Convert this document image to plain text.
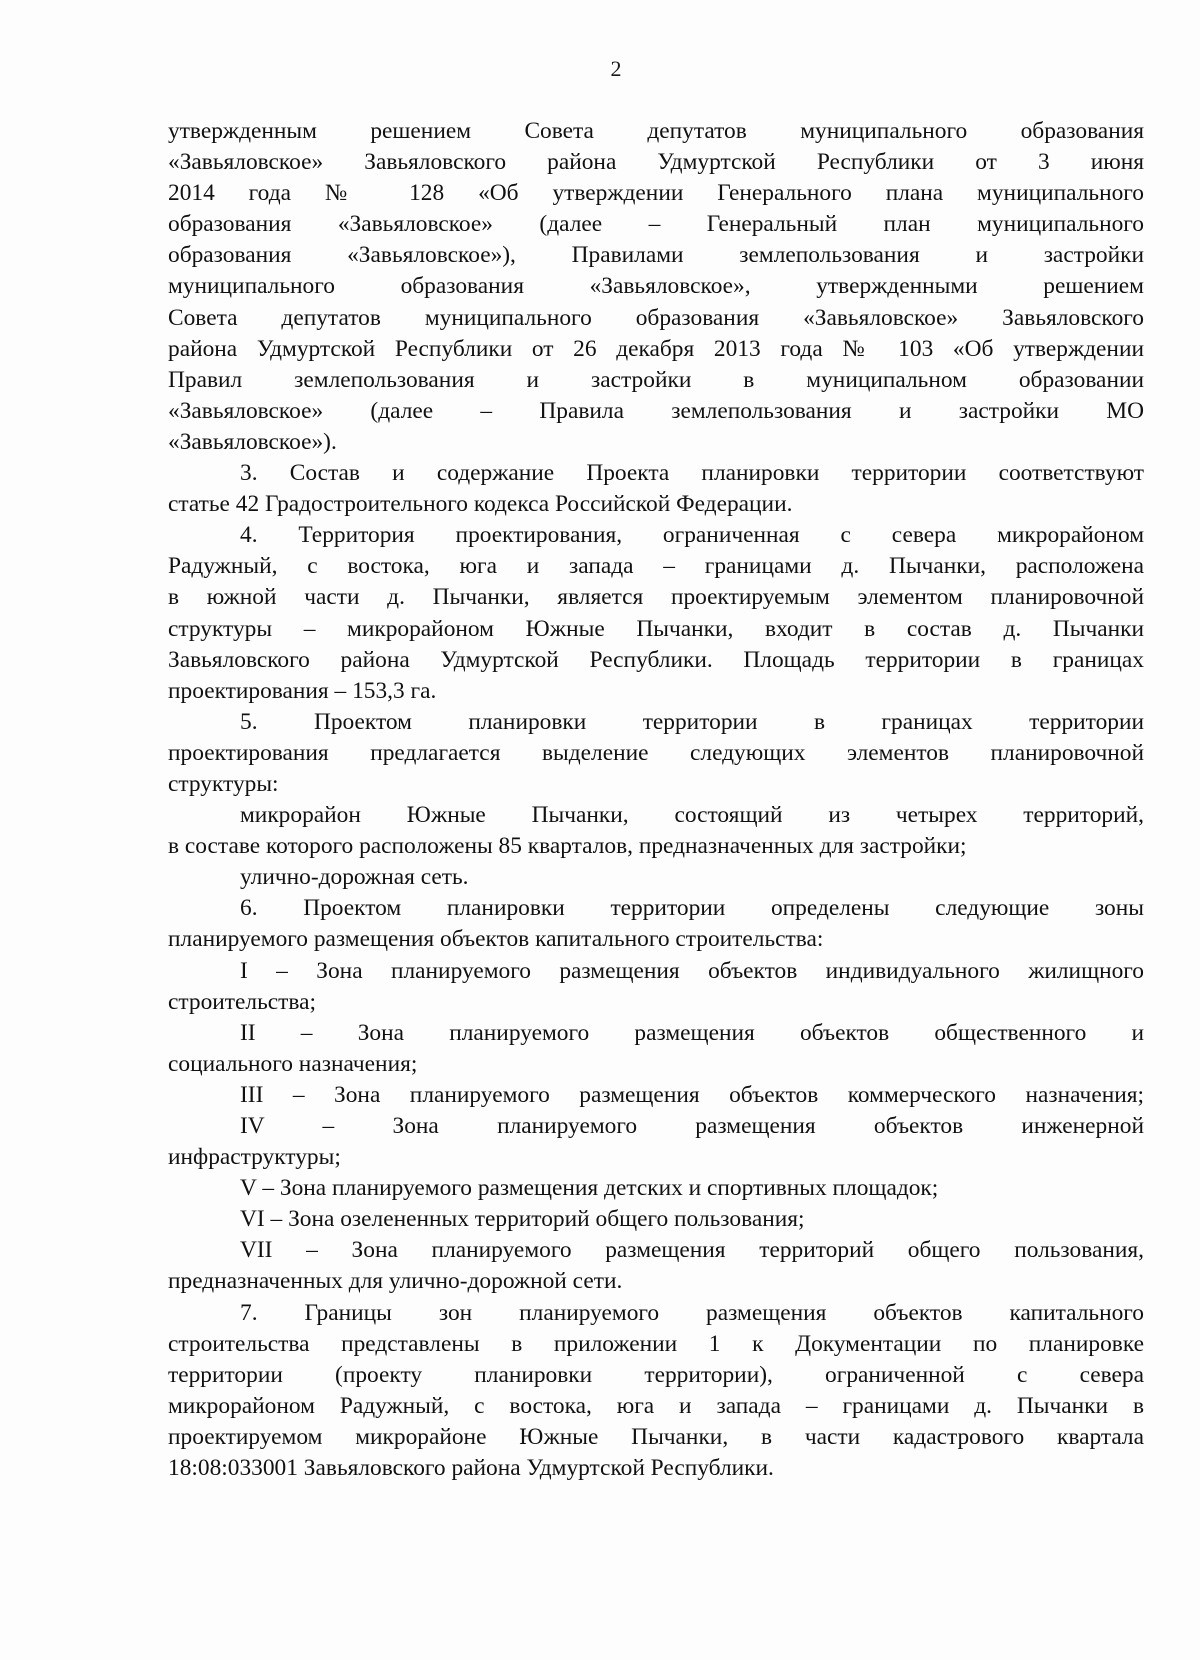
2
утвержденным решением Совета депутатов муниципального образования
«Завьяловское» Завьяловского района Удмуртской Республики от 3 июня
2014 года № 128 «Об утверждении Генерального плана муниципального
образования «Завьяловское» (далее – Генеральный план муниципального
образования «Завьяловское»), Правилами землепользования и застройки
муниципального образования «Завьяловское», утвержденными решением
Совета депутатов муниципального образования «Завьяловское» Завьяловского
района Удмуртской Республики от 26 декабря 2013 года № 103 «Об утверждении
Правил землепользования и застройки в муниципальном образовании
«Завьяловское» (далее – Правила землепользования и застройки МО
«Завьяловское»).
3. Состав и содержание Проекта планировки территории соответствуют
статье 42 Градостроительного кодекса Российской Федерации.
4. Территория проектирования, ограниченная с севера микрорайоном
Радужный, с востока, юга и запада – границами д. Пычанки, расположена
в южной части д. Пычанки, является проектируемым элементом планировочной
структуры – микрорайоном Южные Пычанки, входит в состав д. Пычанки
Завьяловского района Удмуртской Республики. Площадь территории в границах
проектирования – 153,3 га.
5. Проектом планировки территории в границах территории
проектирования предлагается выделение следующих элементов планировочной
структуры:
микрорайон Южные Пычанки, состоящий из четырех территорий,
в составе которого расположены 85 кварталов, предназначенных для застройки;
улично-дорожная сеть.
6. Проектом планировки территории определены следующие зоны
планируемого размещения объектов капитального строительства:
I – Зона планируемого размещения объектов индивидуального жилищного
строительства;
II – Зона планируемого размещения объектов общественного и
социального назначения;
III – Зона планируемого размещения объектов коммерческого назначения;
IV – Зона планируемого размещения объектов инженерной
инфраструктуры;
V – Зона планируемого размещения детских и спортивных площадок;
VI – Зона озелененных территорий общего пользования;
VII – Зона планируемого размещения территорий общего пользования,
предназначенных для улично-дорожной сети.
7. Границы зон планируемого размещения объектов капитального
строительства представлены в приложении 1 к Документации по планировке
территории (проекту планировки территории), ограниченной с севера
микрорайоном Радужный, с востока, юга и запада – границами д. Пычанки в
проектируемом микрорайоне Южные Пычанки, в части кадастрового квартала
18:08:033001 Завьяловского района Удмуртской Республики.
